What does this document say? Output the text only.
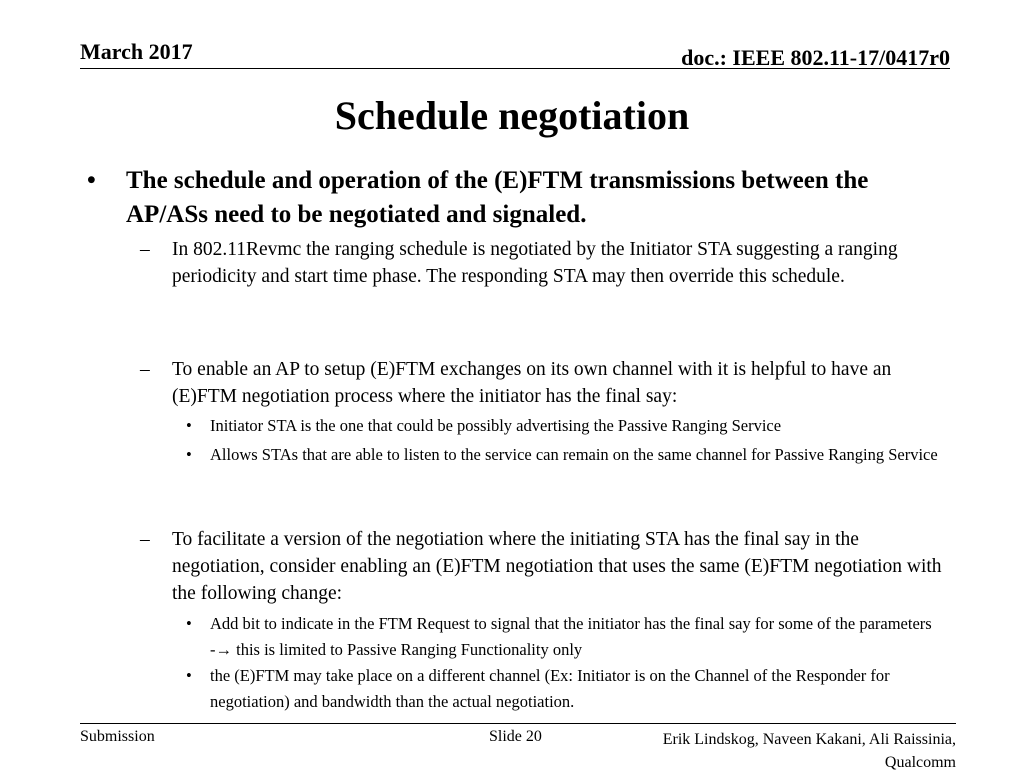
March 2017	doc.: IEEE 802.11-17/0417r0
Schedule negotiation
• The schedule and operation of the (E)FTM transmissions between the AP/ASs need to be negotiated and signaled.
– In 802.11Revmc the ranging schedule is negotiated by the Initiator STA suggesting a ranging periodicity and start time phase. The responding STA may then override this schedule.
– To enable an AP to setup (E)FTM exchanges on its own channel with it is helpful to have an (E)FTM negotiation process where the initiator has the final say:
• Initiator STA is the one that could be possibly advertising the Passive Ranging Service
• Allows STAs that are able to listen to the service can remain on the same channel for Passive Ranging Service
– To facilitate a version of the negotiation where the initiating STA has the final say in the negotiation, consider enabling an (E)FTM negotiation that uses the same (E)FTM negotiation with the following change:
• Add bit to indicate in the FTM Request to signal that the initiator has the final say for some of the parameters -→ this is limited to Passive Ranging Functionality only
• the (E)FTM may take place on a different channel (Ex: Initiator is on the Channel of the Responder for negotiation) and bandwidth than the actual negotiation.
Submission	Slide 20	Erik Lindskog, Naveen Kakani, Ali Raissinia,
Qualcomm
